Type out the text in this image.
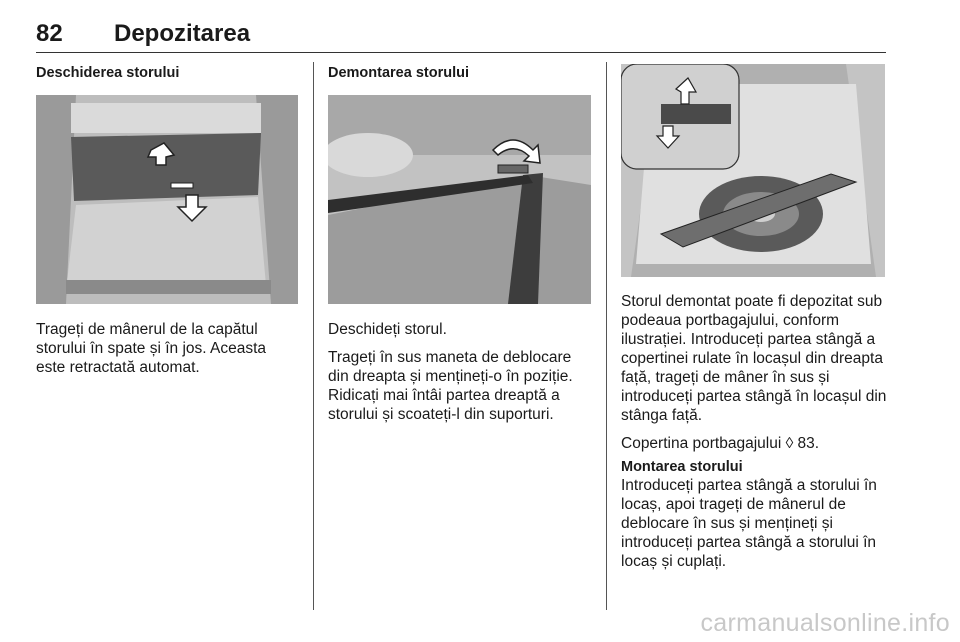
82 Depozitarea
Deschiderea storului

Trageți de mânerul de la capătul storului în spate și în jos. Aceasta este retractată automat.

Demontarea storului

Deschideți storul.

Trageți în sus maneta de deblocare din dreapta și mențineți-o în poziție. Ridicați mai întâi partea dreaptă a storului și scoateți-l din suporturi.

Storul demontat poate fi depozitat sub podeaua portbagajului, conform ilustrației. Introduceți partea stângă a copertinei rulate în locașul din dreapta față, trageți de mâner în sus și introduceți partea stângă în locașul din stânga față.

Copertina portbagajului ◊ 83.

Montarea storului

Introduceți partea stângă a storului în locaș, apoi trageți de mânerul de deblocare în sus și mențineți și introduceți partea stângă a storului în locaș și cuplați.

carmanualsonline.info
